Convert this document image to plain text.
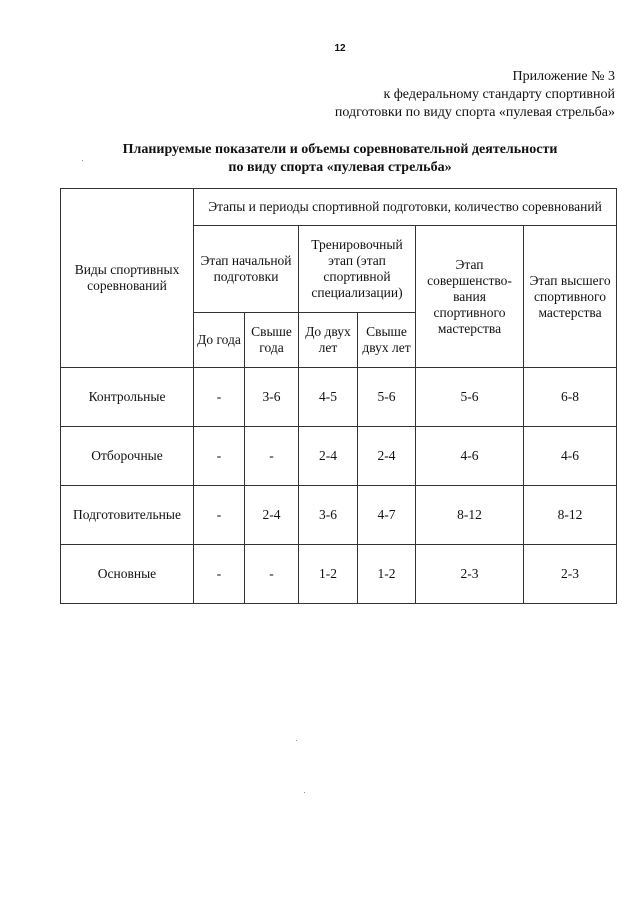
12
Приложение № 3
к федеральному стандарту спортивной
подготовки по виду спорта «пулевая стрельба»
Планируемые показатели и объемы соревновательной деятельности
по виду спорта «пулевая стрельба»
Виды спортивных соревнований	Этапы и периоды спортивной подготовки, количество соревнований					
	Этап начальной подготовки		Тренировочный этап (этап спортивной специализации)		Этап совершенство-вания спортивного мастерства	Этап высшего спортивного мастерства
	До года	Свыше года	До двух лет	Свыше двух лет		
Контрольные	-	3-6	4-5	5-6	5-6	6-8
Отборочные	-	-	2-4	2-4	4-6	4-6
Подготовительные	-	2-4	3-6	4-7	8-12	8-12
Основные	-	-	1-2	1-2	2-3	2-3
